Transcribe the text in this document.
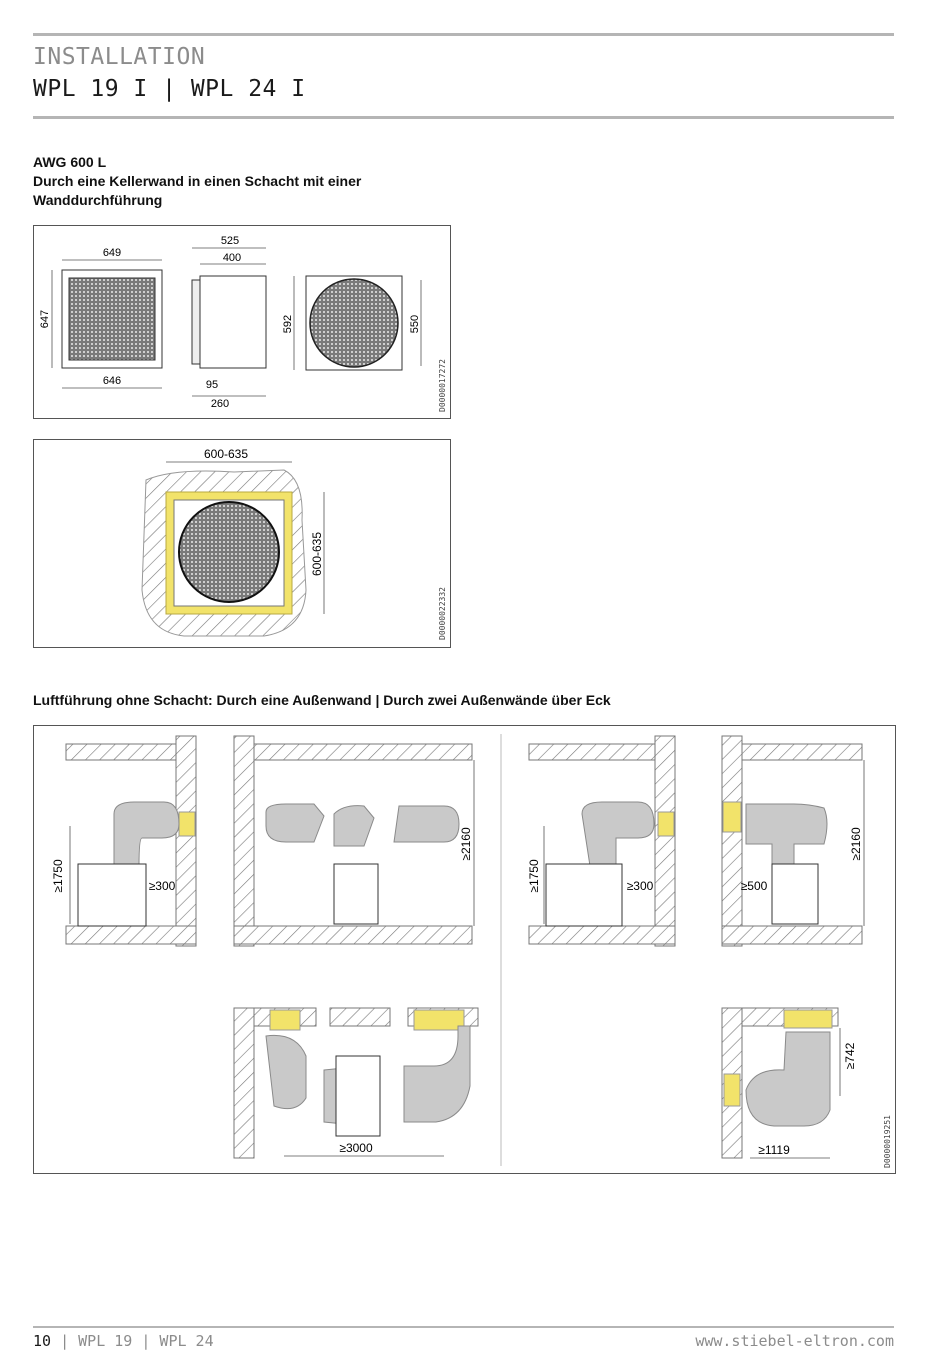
INSTALLATION
WPL 19 I | WPL 24 I
AWG 600 L
Durch eine Kellerwand in einen Schacht mit einer
Wanddurchführung
649
647
646
525
400
95
260
592	550
D0000017272
600-635
600-635
D0000022332
Luftführung ohne Schacht: Durch eine Außenwand | Durch zwei Außenwände über Eck
≥1750	≥300
≥2160
≥1750	≥300	≥500
≥2160
≥3000	≥1119
≥742
D0000019251
10 | WPL 19 | WPL 24	www.stiebel-eltron.com
